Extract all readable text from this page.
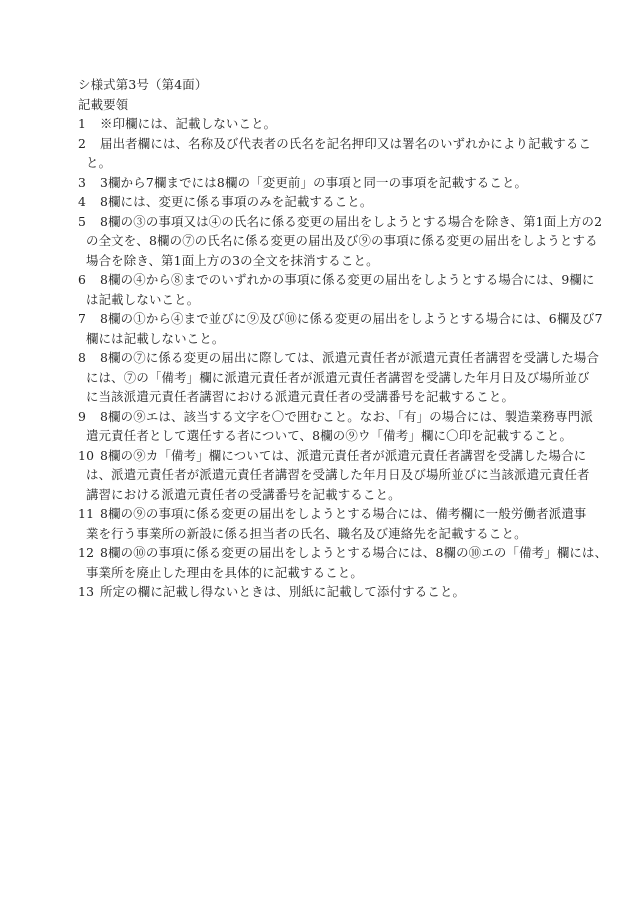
シ様式第3号（第4面）
記載要領
1 ※印欄には、記載しないこと。
2 届出者欄には、名称及び代表者の氏名を記名押印又は署名のいずれかにより記載するこ
と。
3 3欄から7欄までには8欄の「変更前」の事項と同一の事項を記載すること。
4 8欄には、変更に係る事項のみを記載すること。
5 8欄の③の事項又は④の氏名に係る変更の届出をしようとする場合を除き、第1面上方の2
の全文を、8欄の⑦の氏名に係る変更の届出及び⑨の事項に係る変更の届出をしようとする
場合を除き、第1面上方の3の全文を抹消すること。
6 8欄の④から⑧までのいずれかの事項に係る変更の届出をしようとする場合には、9欄に
は記載しないこと。
7 8欄の①から④まで並びに⑨及び⑩に係る変更の届出をしようとする場合には、6欄及び7
欄には記載しないこと。
8 8欄の⑦に係る変更の届出に際しては、派遣元責任者が派遣元責任者講習を受講した場合
には、⑦の「備考」欄に派遣元責任者が派遣元責任者講習を受講した年月日及び場所並び
に当該派遣元責任者講習における派遣元責任者の受講番号を記載すること。
9 8欄の⑨エは、該当する文字を〇で囲むこと。なお、「有」の場合には、製造業務専門派
遣元責任者として選任する者について、8欄の⑨ウ「備考」欄に〇印を記載すること。
10 8欄の⑨カ「備考」欄については、派遣元責任者が派遣元責任者講習を受講した場合に
は、派遣元責任者が派遣元責任者講習を受講した年月日及び場所並びに当該派遣元責任者
講習における派遣元責任者の受講番号を記載すること。
11 8欄の⑨の事項に係る変更の届出をしようとする場合には、備考欄に一般労働者派遣事
業を行う事業所の新設に係る担当者の氏名、職名及び連絡先を記載すること。
12 8欄の⑩の事項に係る変更の届出をしようとする場合には、8欄の⑩エの「備考」欄には、
事業所を廃止した理由を具体的に記載すること。
13 所定の欄に記載し得ないときは、別紙に記載して添付すること。
